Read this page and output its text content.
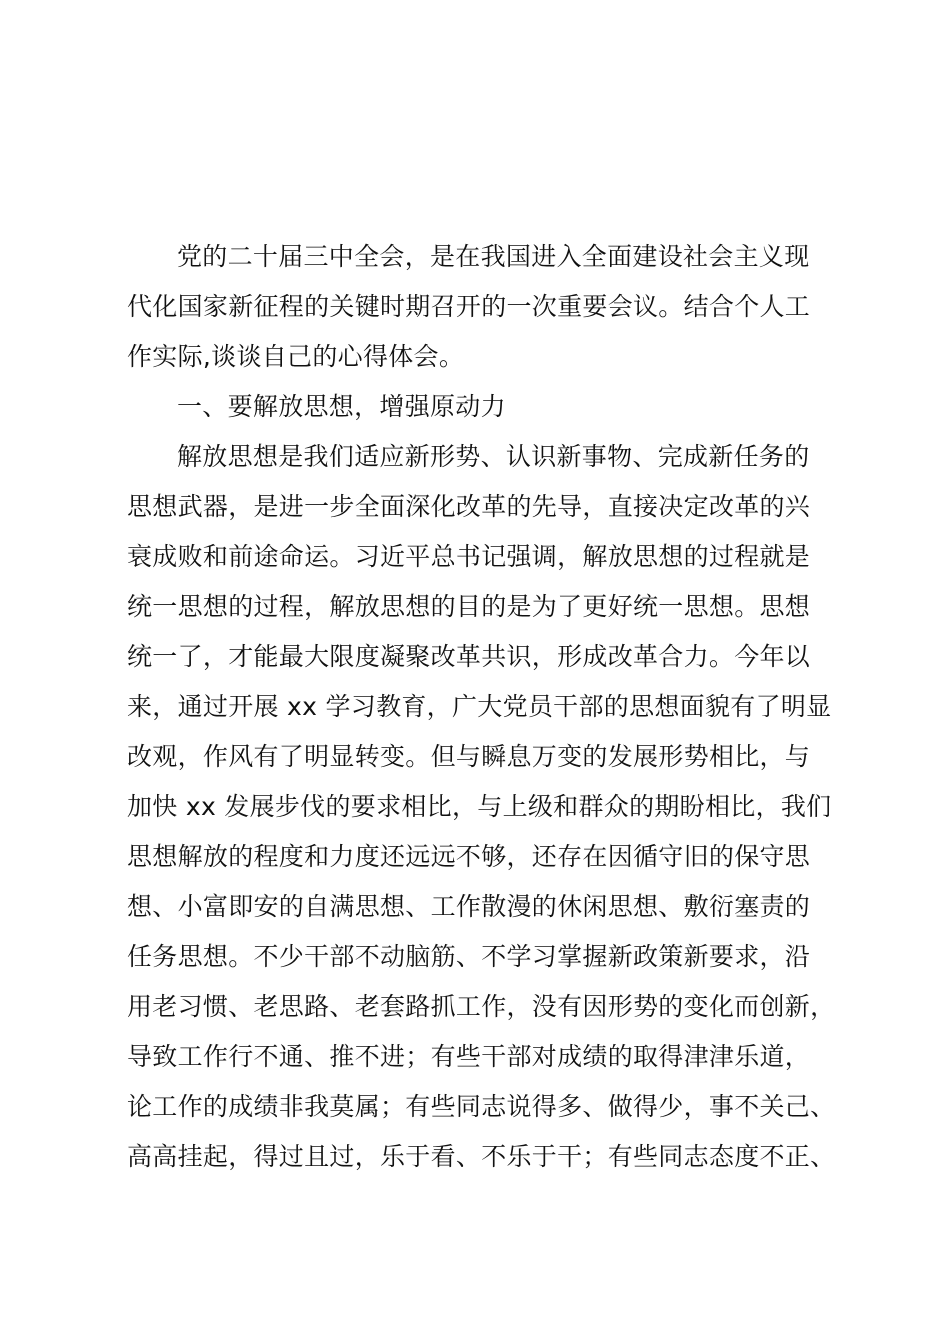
党的二十届三中全会，是在我国进入全面建设社会主义现
代化国家新征程的关键时期召开的一次重要会议。结合个人工
作实际,谈谈自己的心得体会。
一、要解放思想，增强原动力
解放思想是我们适应新形势、认识新事物、完成新任务的
思想武器，是进一步全面深化改革的先导，直接决定改革的兴
衰成败和前途命运。习近平总书记强调，解放思想的过程就是
统一思想的过程，解放思想的目的是为了更好统一思想。思想
统一了，才能最大限度凝聚改革共识，形成改革合力。今年以
来，通过开展 xx 学习教育，广大党员干部的思想面貌有了明显
改观，作风有了明显转变。但与瞬息万变的发展形势相比，与
加快 xx 发展步伐的要求相比，与上级和群众的期盼相比，我们
思想解放的程度和力度还远远不够，还存在因循守旧的保守思
想、小富即安的自满思想、工作散漫的休闲思想、敷衍塞责的
任务思想。不少干部不动脑筋、不学习掌握新政策新要求，沿
用老习惯、老思路、老套路抓工作，没有因形势的变化而创新，
导致工作行不通、推不进；有些干部对成绩的取得津津乐道，
论工作的成绩非我莫属；有些同志说得多、做得少，事不关己、
高高挂起，得过且过，乐于看、不乐于干；有些同志态度不正、
